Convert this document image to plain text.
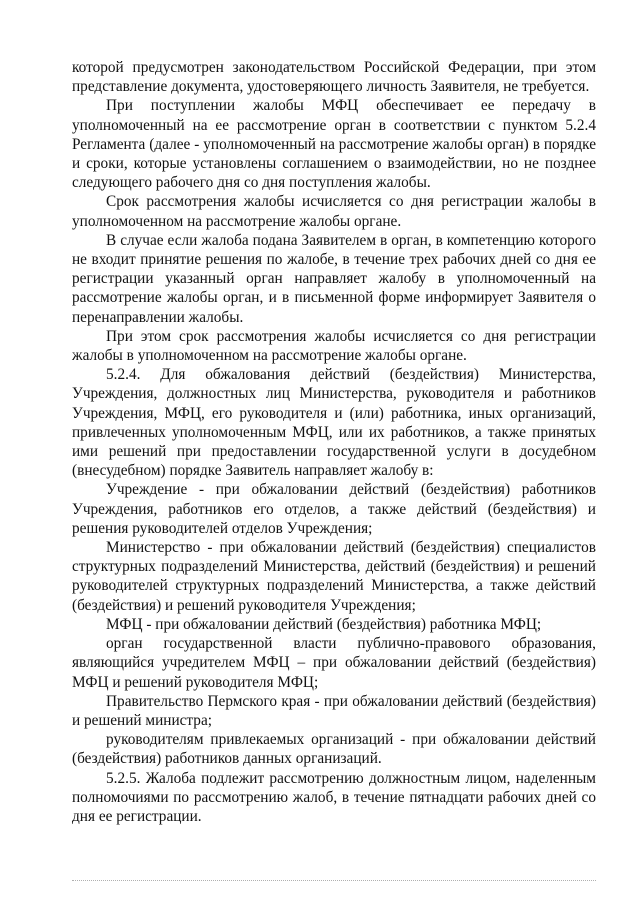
которой предусмотрен законодательством Российской Федерации, при этом представление документа, удостоверяющего личность Заявителя, не требуется.

При поступлении жалобы МФЦ обеспечивает ее передачу в уполномоченный на ее рассмотрение орган в соответствии с пунктом 5.2.4 Регламента (далее - уполномоченный на рассмотрение жалобы орган) в порядке и сроки, которые установлены соглашением о взаимодействии, но не позднее следующего рабочего дня со дня поступления жалобы.

Срок рассмотрения жалобы исчисляется со дня регистрации жалобы в уполномоченном на рассмотрение жалобы органе.

В случае если жалоба подана Заявителем в орган, в компетенцию которого не входит принятие решения по жалобе, в течение трех рабочих дней со дня ее регистрации указанный орган направляет жалобу в уполномоченный на рассмотрение жалобы орган, и в письменной форме информирует Заявителя о перенаправлении жалобы.

При этом срок рассмотрения жалобы исчисляется со дня регистрации жалобы в уполномоченном на рассмотрение жалобы органе.

5.2.4. Для обжалования действий (бездействия) Министерства, Учреждения, должностных лиц Министерства, руководителя и работников Учреждения, МФЦ, его руководителя и (или) работника, иных организаций, привлеченных уполномоченным МФЦ, или их работников, а также принятых ими решений при предоставлении государственной услуги в досудебном (внесудебном) порядке Заявитель направляет жалобу в:

Учреждение - при обжаловании действий (бездействия) работников Учреждения, работников его отделов, а также действий (бездействия) и решения руководителей отделов Учреждения;

Министерство - при обжаловании действий (бездействия) специалистов структурных подразделений Министерства, действий (бездействия) и решений руководителей структурных подразделений Министерства, а также действий (бездействия) и решений руководителя Учреждения;

МФЦ - при обжаловании действий (бездействия) работника МФЦ;

орган государственной власти публично-правового образования, являющийся учредителем МФЦ – при обжаловании действий (бездействия) МФЦ и решений руководителя МФЦ;

Правительство Пермского края - при обжаловании действий (бездействия) и решений министра;

руководителям привлекаемых организаций - при обжаловании действий (бездействия) работников данных организаций.

5.2.5. Жалоба подлежит рассмотрению должностным лицом, наделенным полномочиями по рассмотрению жалоб, в течение пятнадцати рабочих дней со дня ее регистрации.
